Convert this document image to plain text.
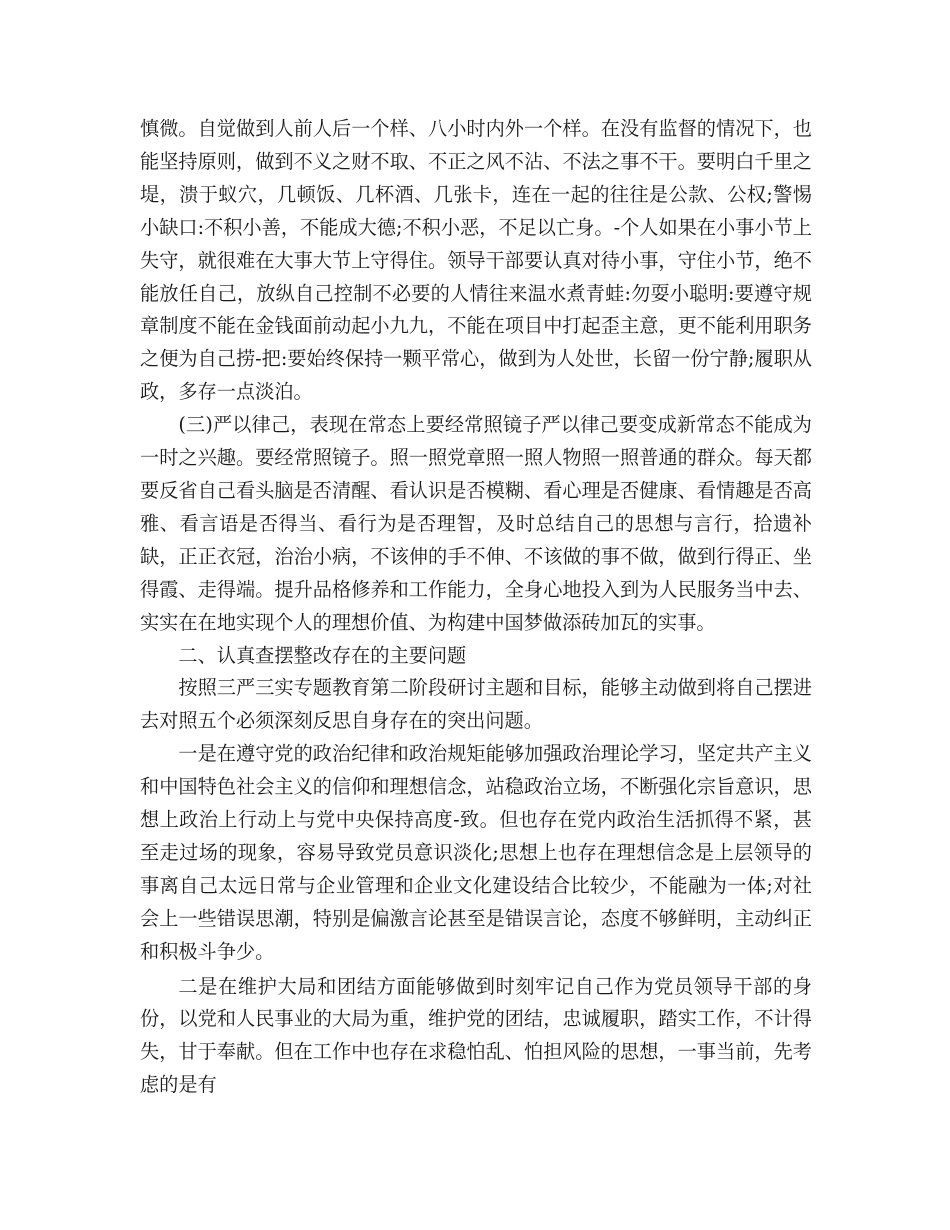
慎微。自觉做到人前人后一个样、八小时内外一个样。在没有监督的情况下，也能坚持原则，做到不义之财不取、不正之风不沾、不法之事不干。要明白千里之堤，溃于蚁穴，几顿饭、几杯酒、几张卡，连在一起的往往是公款、公权;警惕小缺口:不积小善，不能成大德;不积小恶，不足以亡身。-个人如果在小事小节上失守，就很难在大事大节上守得住。领导干部要认真对待小事，守住小节，绝不能放任自己，放纵自己控制不必要的人情往来温水煮青蛙:勿耍小聪明:要遵守规章制度不能在金钱面前动起小九九，不能在项目中打起歪主意，更不能利用职务之便为自己捞-把:要始终保持一颗平常心，做到为人处世，长留一份宁静;履职从政，多存一点淡泊。

(三)严以律己，表现在常态上要经常照镜子严以律己要变成新常态不能成为一时之兴趣。要经常照镜子。照一照党章照一照人物照一照普通的群众。每天都要反省自己看头脑是否清醒、看认识是否模糊、看心理是否健康、看情趣是否高雅、看言语是否得当、看行为是否理智，及时总结自己的思想与言行，拾遗补缺，正正衣冠，治治小病，不该伸的手不伸、不该做的事不做，做到行得正、坐得霞、走得端。提升品格修养和工作能力，全身心地投入到为人民服务当中去、实实在在地实现个人的理想价值、为构建中国梦做添砖加瓦的实事。

二、认真查摆整改存在的主要问题

按照三严三实专题教育第二阶段研讨主题和目标，能够主动做到将自己摆进去对照五个必须深刻反思自身存在的突出问题。

一是在遵守党的政治纪律和政治规矩能够加强政治理论学习，坚定共产主义和中国特色社会主义的信仰和理想信念，站稳政治立场，不断强化宗旨意识，思想上政治上行动上与党中央保持高度-致。但也存在党内政治生活抓得不紧，甚至走过场的现象，容易导致党员意识淡化;思想上也存在理想信念是上层领导的事离自己太远日常与企业管理和企业文化建设结合比较少，不能融为一体;对社会上一些错误思潮，特别是偏激言论甚至是错误言论，态度不够鲜明，主动纠正和积极斗争少。

二是在维护大局和团结方面能够做到时刻牢记自己作为党员领导干部的身份，以党和人民事业的大局为重，维护党的团结，忠诚履职，踏实工作，不计得失，甘于奉献。但在工作中也存在求稳怕乱、怕担风险的思想，一事当前，先考虑的是有
